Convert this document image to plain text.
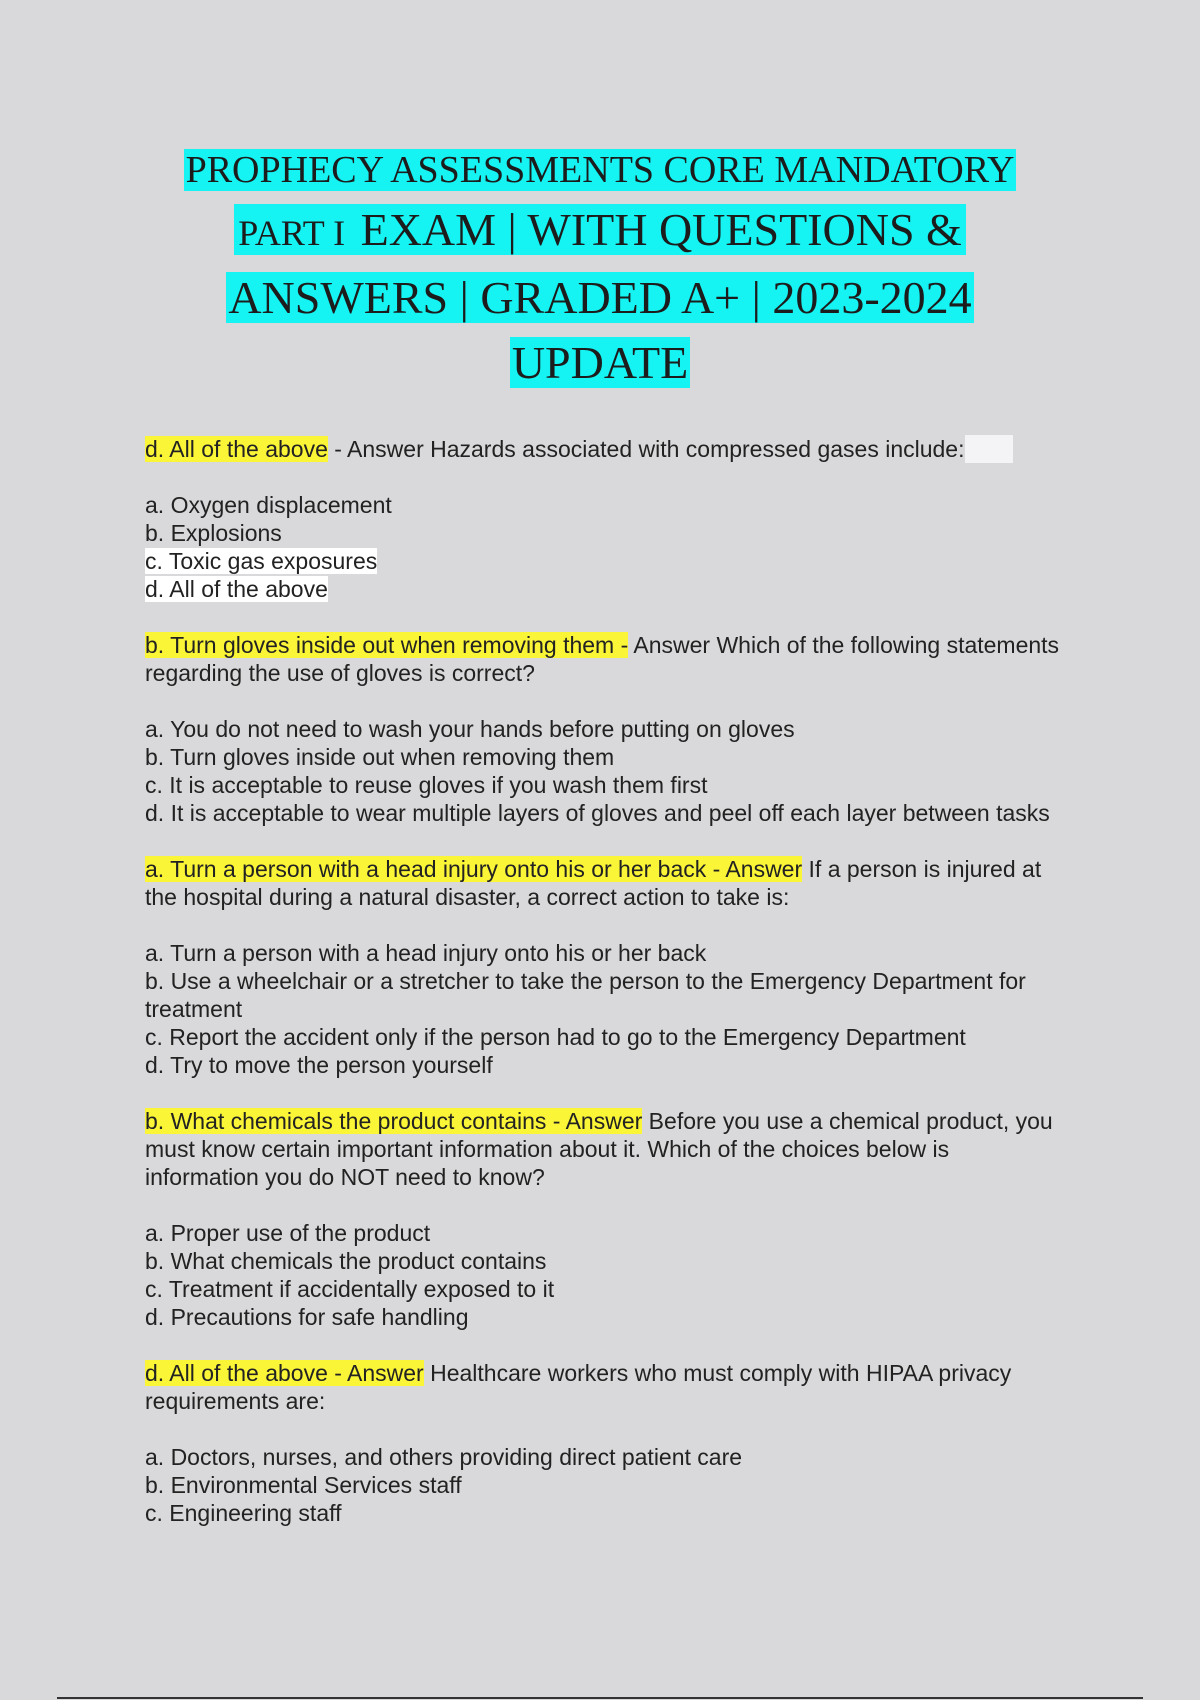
PROPHECY ASSESSMENTS CORE MANDATORY
PART I EXAM | WITH QUESTIONS &
ANSWERS | GRADED A+ | 2023-2024
UPDATE

d. All of the above - Answer Hazards associated with compressed gases include:

a. Oxygen displacement
b. Explosions
c. Toxic gas exposures
d. All of the above

b. Turn gloves inside out when removing them - Answer Which of the following statements regarding the use of gloves is correct?

a. You do not need to wash your hands before putting on gloves
b. Turn gloves inside out when removing them
c. It is acceptable to reuse gloves if you wash them first
d. It is acceptable to wear multiple layers of gloves and peel off each layer between tasks

a. Turn a person with a head injury onto his or her back - Answer If a person is injured at the hospital during a natural disaster, a correct action to take is:

a. Turn a person with a head injury onto his or her back
b. Use a wheelchair or a stretcher to take the person to the Emergency Department for treatment
c. Report the accident only if the person had to go to the Emergency Department
d. Try to move the person yourself

b. What chemicals the product contains - Answer Before you use a chemical product, you must know certain important information about it. Which of the choices below is information you do NOT need to know?

a. Proper use of the product
b. What chemicals the product contains
c. Treatment if accidentally exposed to it
d. Precautions for safe handling

d. All of the above - Answer Healthcare workers who must comply with HIPAA privacy requirements are:

a. Doctors, nurses, and others providing direct patient care
b. Environmental Services staff
c. Engineering staff
